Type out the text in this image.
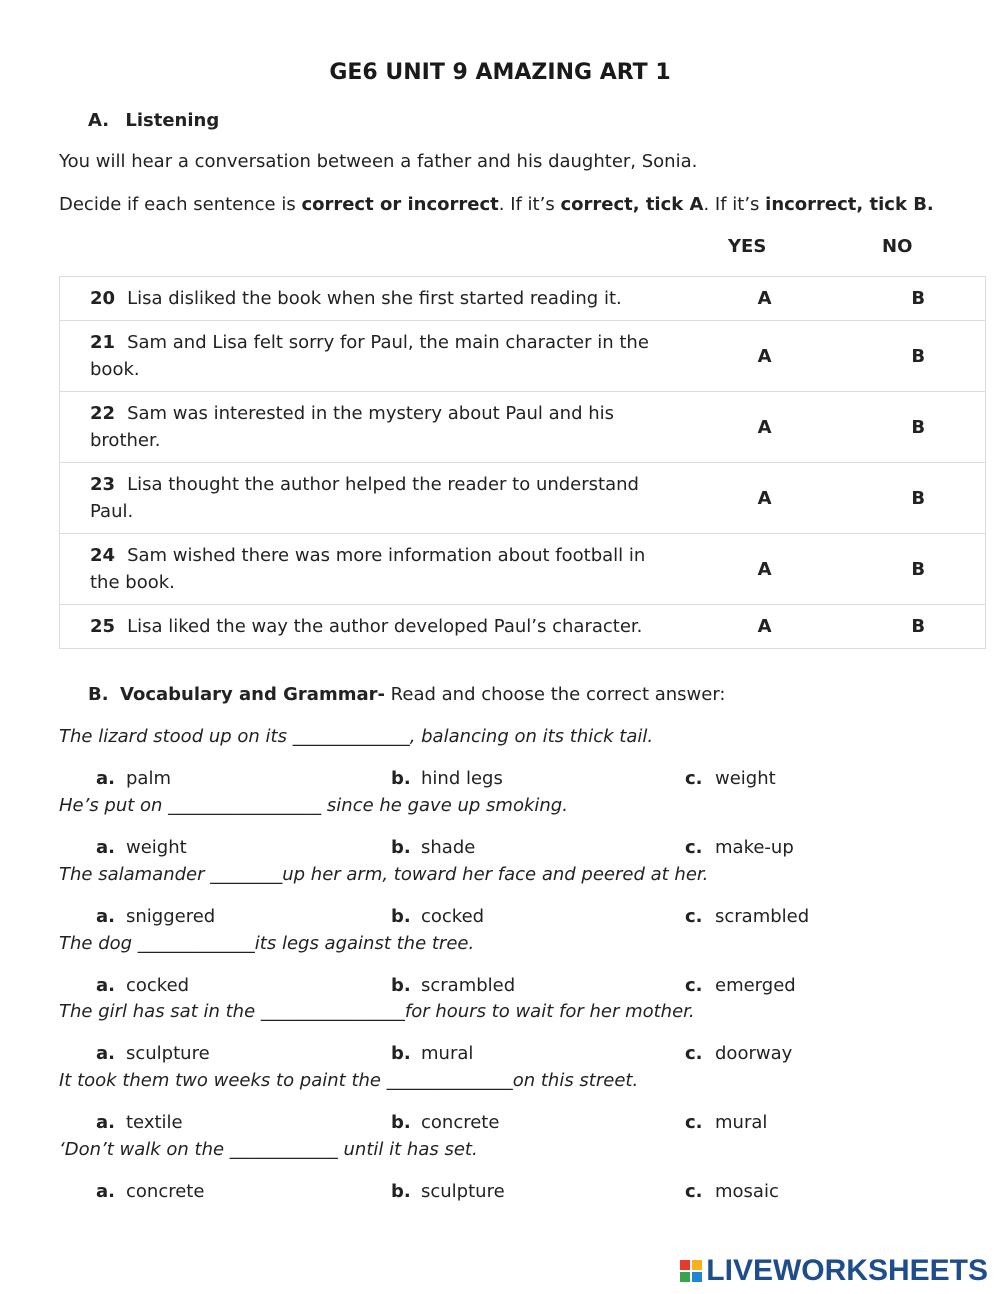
GE6 UNIT 9 AMAZING ART 1
A. Listening
You will hear a conversation between a father and his daughter, Sonia.
Decide if each sentence is correct or incorrect. If it’s correct, tick A. If it’s incorrect, tick B.
YES	NO
20 Lisa disliked the book when she first started reading it.	A	B
21 Sam and Lisa felt sorry for Paul, the main character in the book.	A	B
22 Sam was interested in the mystery about Paul and his brother.	A	B
23 Lisa thought the author helped the reader to understand Paul.	A	B
24 Sam wished there was more information about football in the book.	A	B
25 Lisa liked the way the author developed Paul’s character.	A	B
B. Vocabulary and Grammar- Read and choose the correct answer:
The lizard stood up on its _____________, balancing on its thick tail.
a. palm	b. hind legs	c. weight
He’s put on _________________ since he gave up smoking.
a. weight	b. shade	c. make-up
The salamander ________up her arm, toward her face and peered at her.
a. sniggered	b. cocked	c. scrambled
The dog _____________its legs against the tree.
a. cocked	b. scrambled	c. emerged
The girl has sat in the ________________for hours to wait for her mother.
a. sculpture	b. mural	c. doorway
It took them two weeks to paint the ______________on this street.
a. textile	b. concrete	c. mural
‘Don’t walk on the ____________ until it has set.
a. concrete	b. sculpture	c. mosaic
LIVEWORKSHEETS
